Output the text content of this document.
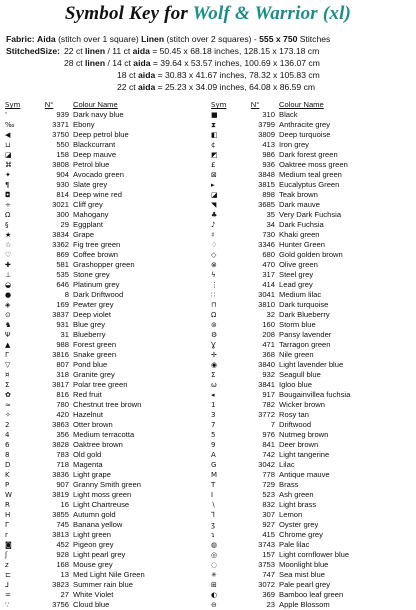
Symbol Key for Wolf & Warrior (xl)
Fabric: Aida (stitch over 1 square) Linen (stitch over 2 squares) - 555 x 750 Stitches
StitchedSize: 22 ct linen / 11 ct aida = 50.45 x 68.18 inches, 128.15 x 173.18 cm
28 ct linen / 14 ct aida = 39.64 x 53.57 inches, 100.69 x 136.07 cm
18 ct aida = 30.83 x 41.67 inches, 78.32 x 105.83 cm
22 ct aida = 25.23 x 34.09 inches, 64.08 x 86.59 cm
Sym	N°	Colour Name
'	939 Dark navy blue
‰	3371 Ebony
◀	3750 Deep petrol blue
⊔	550 Blackcurrant
◪	158 Deep mauve
⌘	3808 Petrol blue
✦	904 Avocado green
¶	930 Slate grey
◘	814 Deep wine red
÷	3021 Cliff grey
Ω	300 Mahogany
§	29 Eggplant
★	3834 Grape
☆	3362 Fig tree green
♡	869 Coffee brown
✚	581 Grashopper green
⊥	535 Stone grey
◒	646 Platinum grey
●	8 Dark Driftwood
◈	169 Pewter grey
⊙	3837 Deep violet
♞	931 Blue grey
Ψ	31 Blueberry
▲	988 Forest green
Γ	3816 Snake green
▽	807 Pond blue
¤	318 Granite grey
Σ	3817 Polar tree green
✿	816 Red fruit
≈	780 Chestnut tree brown
✧	420 Hazelnut
2	3863 Otter brown
4	356 Medium terracotta
6	3828 Oaktree brown
8	783 Old gold
D	718 Magenta
K	3836 Light grape
P	907 Granny Smith green
W	3819 Light moss green
R	16 Light Chartreuse
H	3855 Autumn gold
Γ	745 Banana yellow
r	3813 Light green
◙	452 Pigeon grey
ʃ	928 Light pearl grey
z	168 Mouse grey
⊏	13 Med Light Nile Green
⅃	3823 Summer rain blue
=	27 White Violet
∵	3756 Cloud blue
Sym	N°	Colour Name
■	310 Black
⧗	3799 Anthracite grey
◧	3809 Deep turquoise
¢	413 Iron grey
◩	986 Dark forest green
£	936 Oaktree moss green
⊠	3848 Medium teal green
▸	3815 Eucalyptus Green
◪	898 Teak brown
◥	3685 Dark mauve
♣	35 Very Dark Fuchsia
♪	34 Dark Fuchsia
♯	730 Khaki green
♢	3346 Hunter Green
◇	680 Gold golden brown
⊗	470 Olive green
ϟ	317 Steel grey
⋮	414 Lead grey
∷	3041 Medium lilac
⊓	3810 Dark turquoise
Ω	32 Dark Blueberry
⊚	160 Storm blue
⚙	208 Pansy lavender
Ɣ	471 Tarragon green
✛	368 Nile green
◉	3840 Light lavender blue
Σ	932 Seagull blue
ω	3841 Igloo blue
◂	917 Bougainvillea fuchsia
1	782 Wicker brown
3	3772 Rosy tan
7	7 Driftwood
5	976 Nutmeg brown
9	841 Deer brown
A	742 Light tangerine
G	3042 Lilac
M	778 Antique mauve
T	729 Brass
I	523 Ash green
∖	832 Light brass
⅂	307 Lemon
ʒ	927 Oyster grey
ɿ	415 Chrome grey
◍	3743 Pale lilac
◎	157 Light cornflower blue
◌	3753 Moonlight blue
✳	747 Sea mist blue
⊞	3072 Pale pearl grey
◐	369 Bamboo leaf green
⊖	23 Apple Blossom
